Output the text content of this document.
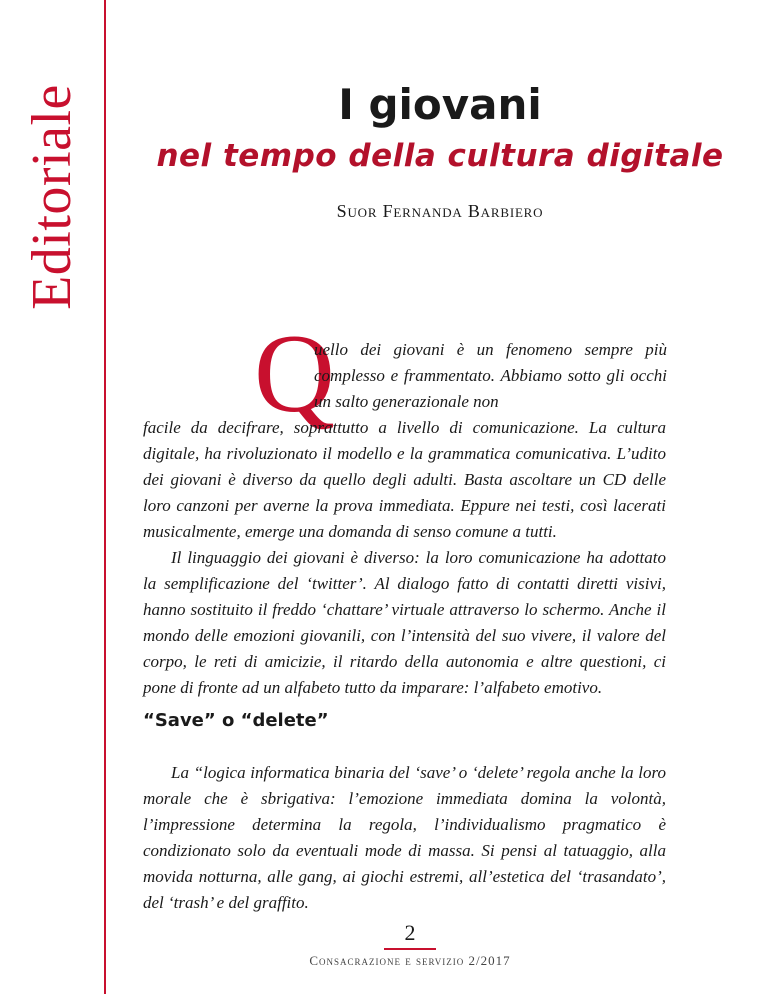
Editoriale	I giovani
nel tempo della cultura digitale

Suor Fernanda Barbiero

Q

uello dei giovani è un fenomeno sempre più complesso e frammentato. Abbiamo sotto gli occhi un salto generazionale non

facile da decifrare, soprattutto a livello di comunicazione. La cultura digitale, ha rivoluzionato il modello e la grammatica comunicativa. L’udito dei giovani è diverso da quello degli adulti. Basta ascoltare un CD delle loro canzoni per averne la prova immediata. Eppure nei testi, così lacerati musicalmente, emerge una domanda di senso comune a tutti.

Il linguaggio dei giovani è diverso: la loro comunicazione ha adottato la semplificazione del ‘twitter’. Al dialogo fatto di contatti diretti visivi, hanno sostituito il freddo ‘chattare’ virtuale attraverso lo schermo. Anche il mondo delle emozioni giovanili, con l’intensità del suo vivere, il valore del corpo, le reti di amicizie, il ritardo della autonomia e altre questioni, ci pone di fronte ad un alfabeto tutto da imparare: l’alfabeto emotivo.

“Save” o “delete”

La “logica informatica binaria del ‘save’ o ‘delete’ regola anche la loro morale che è sbrigativa: l’emozione immediata domina la volontà, l’impressione determina la regola, l’individualismo pragmatico è condizionato solo da eventuali mode di massa. Si pensi al tatuaggio, alla movida notturna, alle gang, ai giochi estremi, all’estetica del ‘trasandato’, del ‘trash’ e del graffito.

2
Consacrazione e servizio 2/2017
